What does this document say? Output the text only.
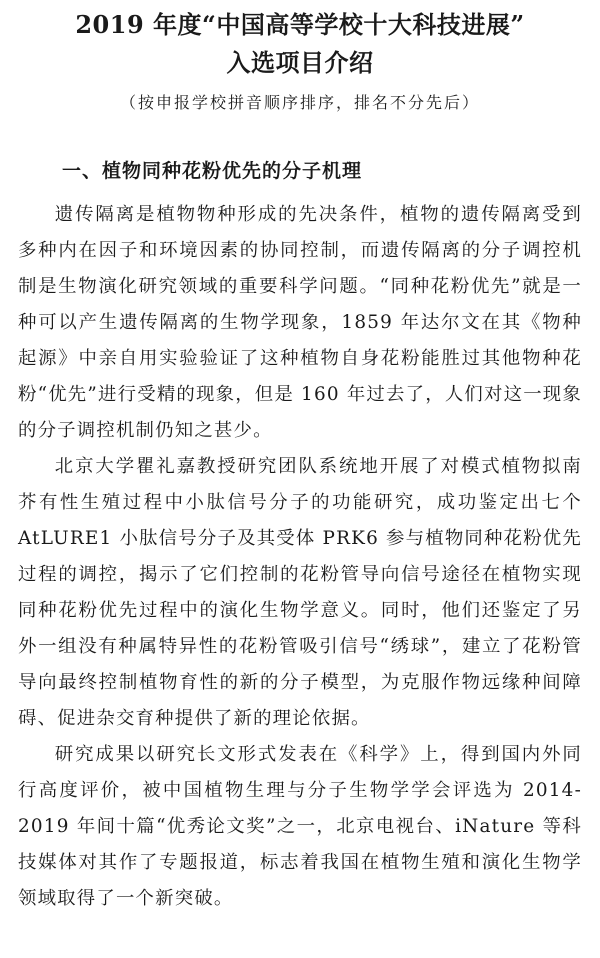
2019 年度“中国高等学校十大科技进展”
入选项目介绍
（按申报学校拼音顺序排序，排名不分先后）
一、植物同种花粉优先的分子机理

遗传隔离是植物物种形成的先决条件，植物的遗传隔离受到多种内在因子和环境因素的协同控制，而遗传隔离的分子调控机制是生物演化研究领域的重要科学问题。“同种花粉优先”就是一种可以产生遗传隔离的生物学现象，1859 年达尔文在其《物种起源》中亲自用实验验证了这种植物自身花粉能胜过其他物种花粉“优先”进行受精的现象，但是 160 年过去了，人们对这一现象的分子调控机制仍知之甚少。

北京大学瞿礼嘉教授研究团队系统地开展了对模式植物拟南芥有性生殖过程中小肽信号分子的功能研究，成功鉴定出七个 AtLURE1 小肽信号分子及其受体 PRK6 参与植物同种花粉优先过程的调控，揭示了它们控制的花粉管导向信号途径在植物实现同种花粉优先过程中的演化生物学意义。同时，他们还鉴定了另外一组没有种属特异性的花粉管吸引信号“绣球”，建立了花粉管导向最终控制植物育性的新的分子模型，为克服作物远缘种间障碍、促进杂交育种提供了新的理论依据。

研究成果以研究长文形式发表在《科学》上，得到国内外同行高度评价，被中国植物生理与分子生物学学会评选为 2014-2019 年间十篇“优秀论文奖”之一，北京电视台、iNature 等科技媒体对其作了专题报道，标志着我国在植物生殖和演化生物学领域取得了一个新突破。
